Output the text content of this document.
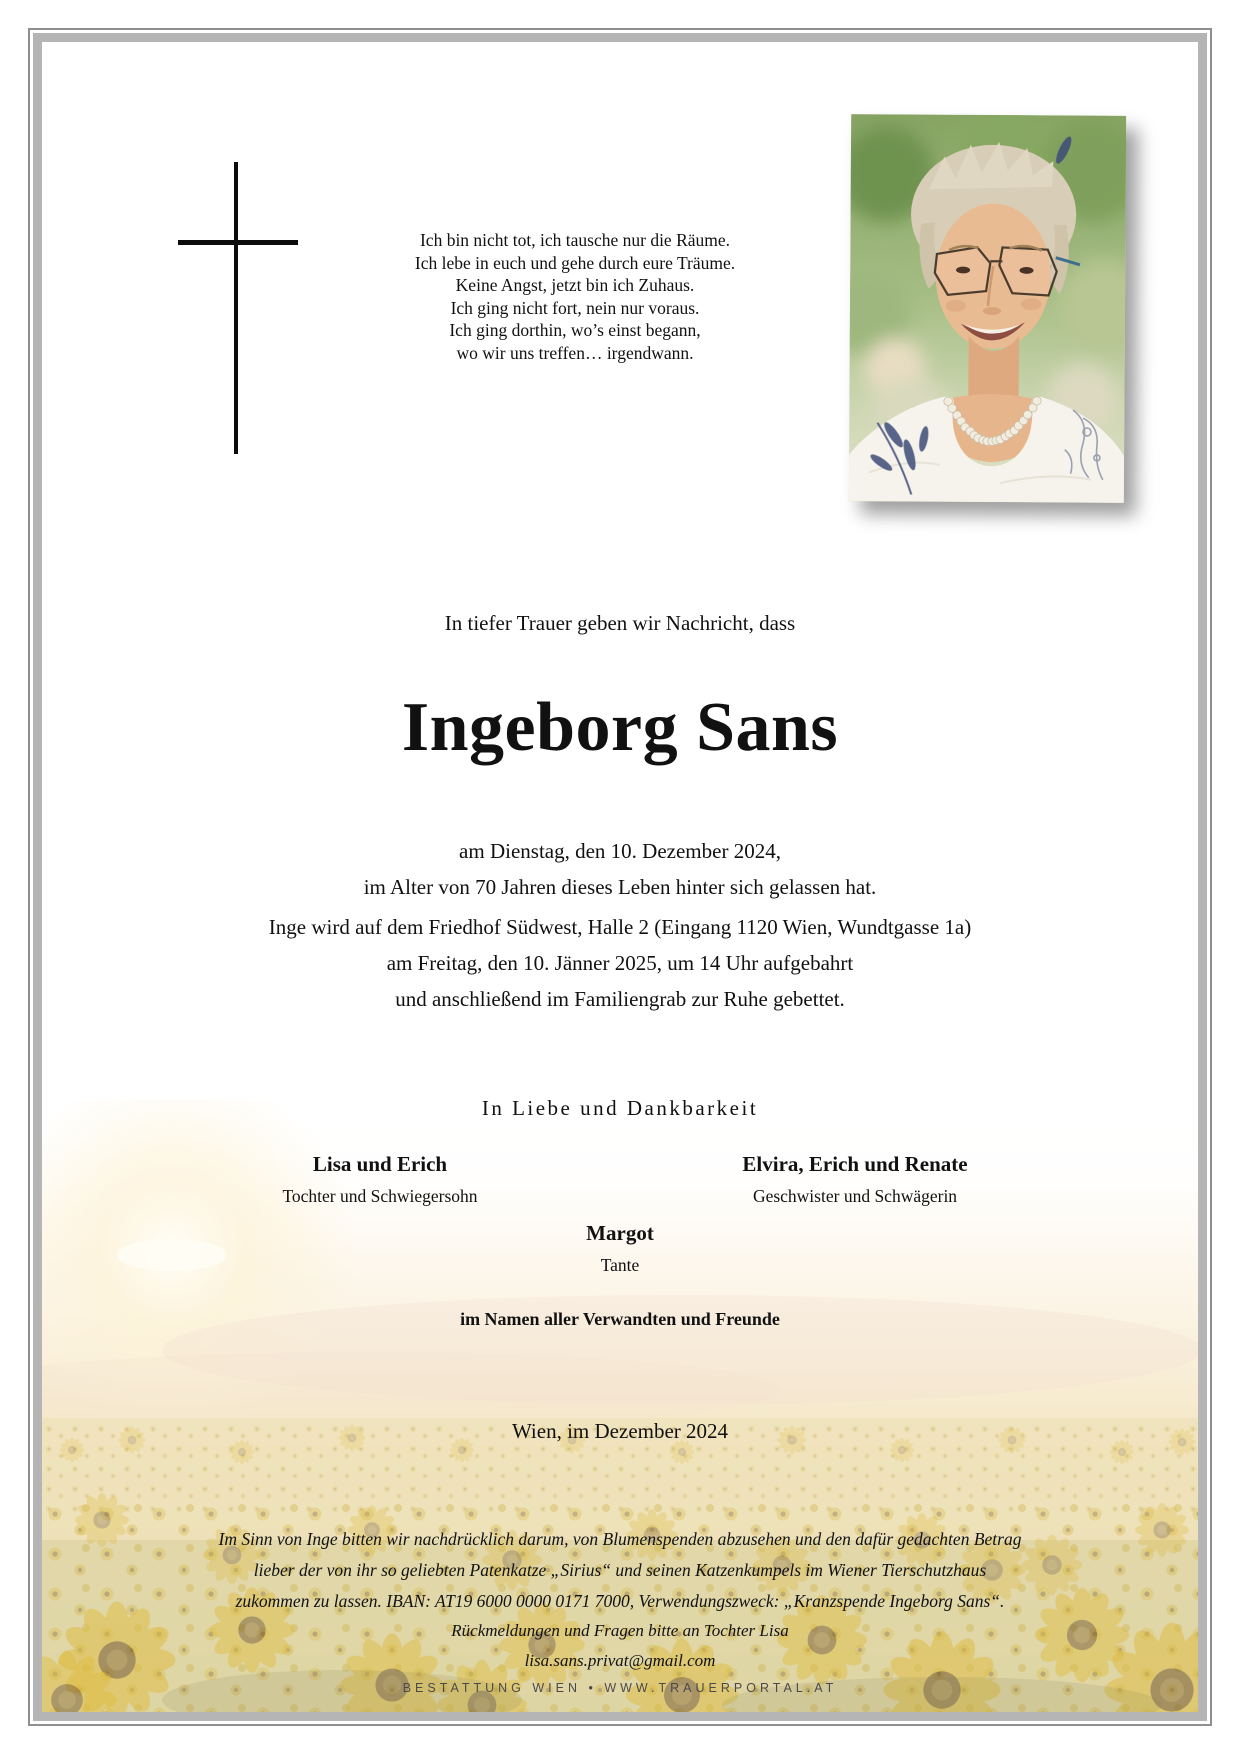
Ich bin nicht tot, ich tausche nur die Räume.
Ich lebe in euch und gehe durch eure Träume.
Keine Angst, jetzt bin ich Zuhaus.
Ich ging nicht fort, nein nur voraus.
Ich ging dorthin, wo’s einst begann,
wo wir uns treffen… irgendwann.
In tiefer Trauer geben wir Nachricht, dass
Ingeborg Sans
am Dienstag, den 10. Dezember 2024,
im Alter von 70 Jahren dieses Leben hinter sich gelassen hat.
Inge wird auf dem Friedhof Südwest, Halle 2 (Eingang 1120 Wien, Wundtgasse 1a)
am Freitag, den 10. Jänner 2025, um 14 Uhr aufgebahrt
und anschließend im Familiengrab zur Ruhe gebettet.
In Liebe und Dankbarkeit
Lisa und Erich
Tochter und Schwiegersohn
Elvira, Erich und Renate
Geschwister und Schwägerin
Margot
Tante
im Namen aller Verwandten und Freunde
Wien, im Dezember 2024
Im Sinn von Inge bitten wir nachdrücklich darum, von Blumenspenden abzusehen und den dafür gedachten Betrag
lieber der von ihr so geliebten Patenkatze „Sirius“ und seinen Katzenkumpels im Wiener Tierschutzhaus
zukommen zu lassen. IBAN: AT19 6000 0000 0171 7000, Verwendungszweck: „Kranzspende Ingeborg Sans“.
Rückmeldungen und Fragen bitte an Tochter Lisa
lisa.sans.privat@gmail.com
BESTATTUNG WIEN • WWW.TRAUERPORTAL.AT
